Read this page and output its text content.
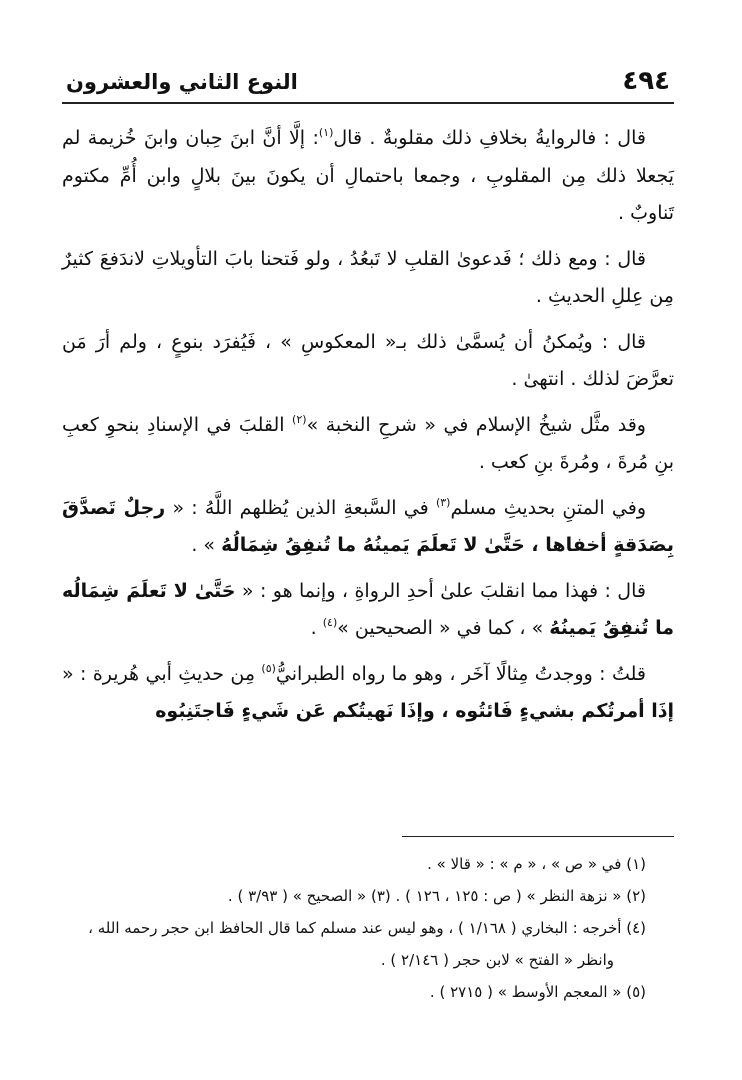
٤٩٤
النوع الثاني والعشرون

قال : فالروايةُ بخلافِ ذلك مقلوبةٌ . قال$^{(١)}$: إلَّا أنَّ ابنَ حِبان وابنَ خُزيمة لم يَجعلا ذلك مِن المقلوبِ ، وجمعا باحتمالِ أن يكونَ بينَ بلالٍ وابن أُمِّ مكتوم تَناوبٌ .

قال : ومع ذلك ؛ فَدعوىٰ القلبِ لا تَبعُدُ ، ولو فَتحنا بابَ التأويلاتِ لاندَفعَ كثيرٌ مِن عِللِ الحديثِ .

قال : ويُمكنُ أن يُسمَّىٰ ذلك بـ« المعكوسِ » ، فَيُفرَد بنوعٍ ، ولم أرَ مَن تعرَّضَ لذلك . انتهىٰ .

وقد مثَّل شيخُ الإسلام في « شرحِ النخبة »$^{(٢)}$ القلبَ في الإسنادِ بنحوِ كعبِ بنِ مُرةَ ، ومُرةَ بنِ كعب .

وفي المتنِ بحديثِ مسلم$^{(٣)}$ في السَّبعةِ الذين يُظلهم اللَّهُ : « رجلٌ تَصدَّقَ بِصَدَقةٍ أخفاها ، حَتَّىٰ لا تَعلَمَ يَمينُهُ ما تُنفِقُ شِمَالُهُ » .

قال : فهذا مما انقلبَ علىٰ أحدِ الرواةِ ، وإنما هو : « حَتَّىٰ لا تَعلَمَ شِمَالُه ما تُنفِقُ يَمينُهُ » ، كما في « الصحيحين »$^{(٤)}$ .

قلتُ : ووجدتُ مِثالًا آخَر ، وهو ما رواه الطبرانيُّ$^{(٥)}$ مِن حديثِ أبي هُريرة : « إذَا أمرتُكم بشيءٍ فَائتُوه ، وإذَا نَهيتُكم عَن شَيءٍ فَاجتَنِبُوه

(١) في « ص » ، « م » : « قالا » .

(٢) « نزهة النظر » ( ص : ١٢٥ ، ١٢٦ ) . (٣) « الصحيح » ( ٣/٩٣ ) .

(٤) أخرجه : البخاري ( ١/١٦٨ ) ، وهو ليس عند مسلم كما قال الحافظ ابن حجر رحمه الله ،

وانظر « الفتح » لابن حجر ( ٢/١٤٦ ) .

(٥) « المعجم الأوسط » ( ٢٧١٥ ) .
